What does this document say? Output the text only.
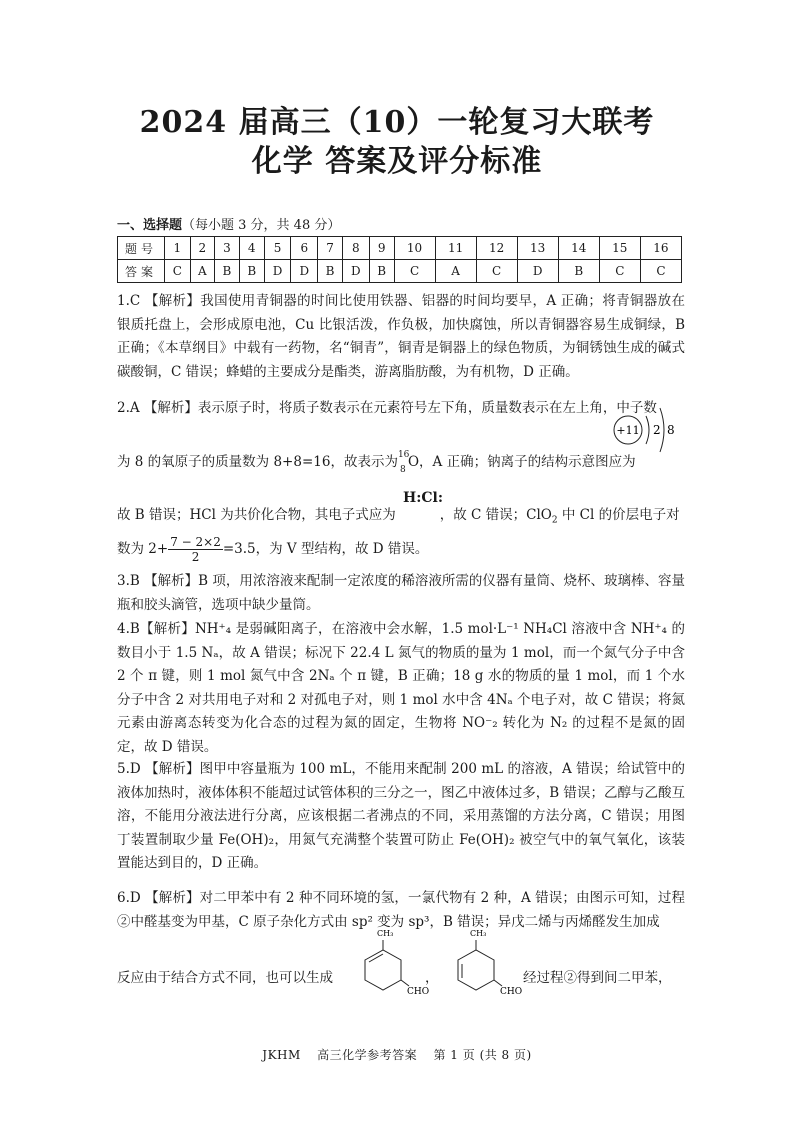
2024 届高三（10）一轮复习大联考
化学 答案及评分标准
一、选择题（每小题 3 分，共 48 分）
题号	1	2	3	4	5	6	7	8	9	10	11	12	13	14	15	16
答案	C	A	B	B	D	D	B	D	B	C	A	C	D	B	C	C
1.C 【解析】我国使用青铜器的时间比使用铁器、铝器的时间均要早，A 正确；将青铜器放在银质托盘上，会形成原电池，Cu 比银活泼，作负极，加快腐蚀，所以青铜器容易生成铜绿，B 正确；《本草纲目》中载有一药物，名“铜青”，铜青是铜器上的绿色物质，为铜锈蚀生成的碱式碳酸铜，C 错误；蜂蜡的主要成分是酯类，游离脂肪酸，为有机物，D 正确。
2.A 【解析】表示原子时，将质子数表示在元素符号左下角，质量数表示在左上角，中子数
+11 2 8
为 8 的氧原子的质量数为 8+8=16，故表示为 16
8 O，A 正确；钠离子的结构示意图应为
H:Cl:
故 B 错误；HCl 为共价化合物，其电子式应为	，故 C 错误；ClO$_2$ 中 Cl 的价层电子对
数为 $2+ \frac{7 - 2\times 2}{2} =3.5$，为 V 型结构，故 D 错误。
3.B 【解析】B 项，用浓溶液来配制一定浓度的稀溶液所需的仪器有量筒、烧杯、玻璃棒、容量瓶和胶头滴管，选项中缺少量筒。
4.B【解析】NH⁺₄ 是弱碱阳离子，在溶液中会水解，1.5 mol·L⁻¹ NH₄Cl 溶液中含 NH⁺₄ 的数目小于 1.5 Nₐ，故 A 错误；标况下 22.4 L 氮气的物质的量为 1 mol，而一个氮气分子中含 2 个 π 键，则 1 mol 氮气中含 2Nₐ 个 π 键，B 正确；18 g 水的物质的量 1 mol，而 1 个水分子中含 2 对共用电子对和 2 对孤电子对，则 1 mol 水中含 4Nₐ 个电子对，故 C 错误；将氮元素由游离态转变为化合态的过程为氮的固定，生物将 NO⁻₂ 转化为 N₂ 的过程不是氮的固定，故 D 错误。
5.D 【解析】图甲中容量瓶为 100 mL，不能用来配制 200 mL 的溶液，A 错误；给试管中的液体加热时，液体体积不能超过试管体积的三分之一，图乙中液体过多，B 错误；乙醇与乙酸互溶，不能用分液法进行分离，应该根据二者沸点的不同，采用蒸馏的方法分离，C 错误；用图丁装置制取少量 Fe(OH)₂，用氮气充满整个装置可防止 Fe(OH)₂ 被空气中的氧气氧化，该装置能达到目的，D 正确。
6.D 【解析】对二甲苯中有 2 种不同环境的氢，一氯代物有 2 种，A 错误；由图示可知，过程②中醛基变为甲基，C 原子杂化方式由 sp² 变为 sp³，B 错误；异戊二烯与丙烯醛发生加成
反应由于结合方式不同，也可以生成	，	经过程②得到间二甲苯，
CH₃
CHO
CH₃
CHO
JKHM 高三化学参考答案 第 1 页 (共 8 页)
